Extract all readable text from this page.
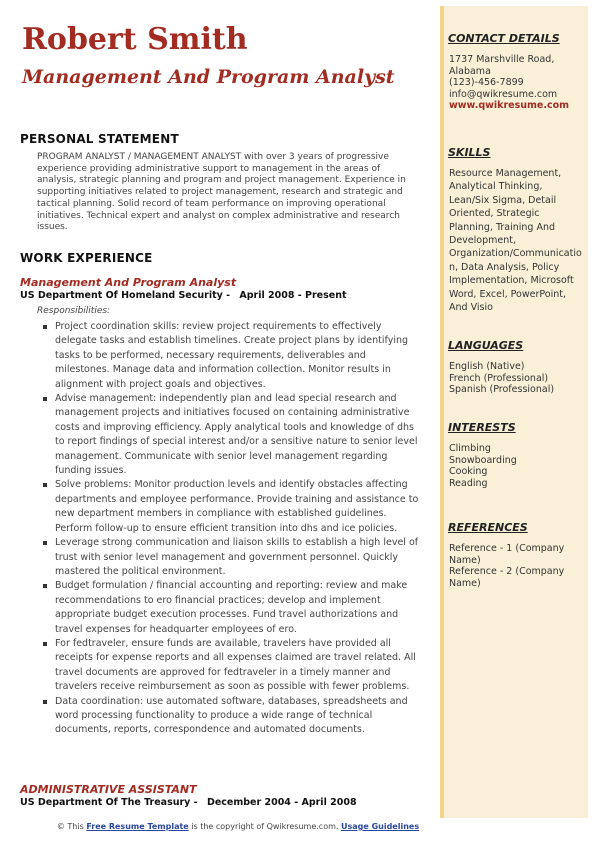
Robert Smith
Management And Program Analyst
PERSONAL STATEMENT
PROGRAM ANALYST / MANAGEMENT ANALYST with over 3 years of progressive experience providing administrative support to management in the areas of analysis, strategic planning and program and project management. Experience in supporting initiatives related to project management, research and strategic and tactical planning. Solid record of team performance on improving operational initiatives. Technical expert and analyst on complex administrative and research issues.
WORK EXPERIENCE
Management And Program Analyst
US Department Of Homeland Security - April 2008 - Present
Responsibilities:
Project coordination skills: review project requirements to effectively delegate tasks and establish timelines. Create project plans by identifying tasks to be performed, necessary requirements, deliverables and milestones. Manage data and information collection. Monitor results in alignment with project goals and objectives.
Advise management: independently plan and lead special research and management projects and initiatives focused on containing administrative costs and improving efficiency. Apply analytical tools and knowledge of dhs to report findings of special interest and/or a sensitive nature to senior level management. Communicate with senior level management regarding funding issues.
Solve problems: Monitor production levels and identify obstacles affecting departments and employee performance. Provide training and assistance to new department members in compliance with established guidelines. Perform follow-up to ensure efficient transition into dhs and ice policies.
Leverage strong communication and liaison skills to establish a high level of trust with senior level management and government personnel. Quickly mastered the political environment.
Budget formulation / financial accounting and reporting: review and make recommendations to ero financial practices; develop and implement appropriate budget execution processes. Fund travel authorizations and travel expenses for headquarter employees of ero.
For fedtraveler, ensure funds are available, travelers have provided all receipts for expense reports and all expenses claimed are travel related. All travel documents are approved for fedtraveler in a timely manner and travelers receive reimbursement as soon as possible with fewer problems.
Data coordination: use automated software, databases, spreadsheets and word processing functionality to produce a wide range of technical documents, reports, correspondence and automated documents.
ADMINISTRATIVE ASSISTANT
US Department Of The Treasury - December 2004 - April 2008
CONTACT DETAILS
1737 Marshville Road,
Alabama
(123)-456-7899
info@qwikresume.com
www.qwikresume.com
SKILLS
Resource Management, Analytical Thinking, Lean/Six Sigma, Detail Oriented, Strategic Planning, Training And Development, Organization/Communication, Data Analysis, Policy Implementation, Microsoft Word, Excel, PowerPoint, And Visio
LANGUAGES
English (Native)
French (Professional)
Spanish (Professional)
INTERESTS
Climbing
Snowboarding
Cooking
Reading
REFERENCES
Reference - 1 (Company Name)
Reference - 2 (Company Name)
© This Free Resume Template is the copyright of Qwikresume.com. Usage Guidelines
